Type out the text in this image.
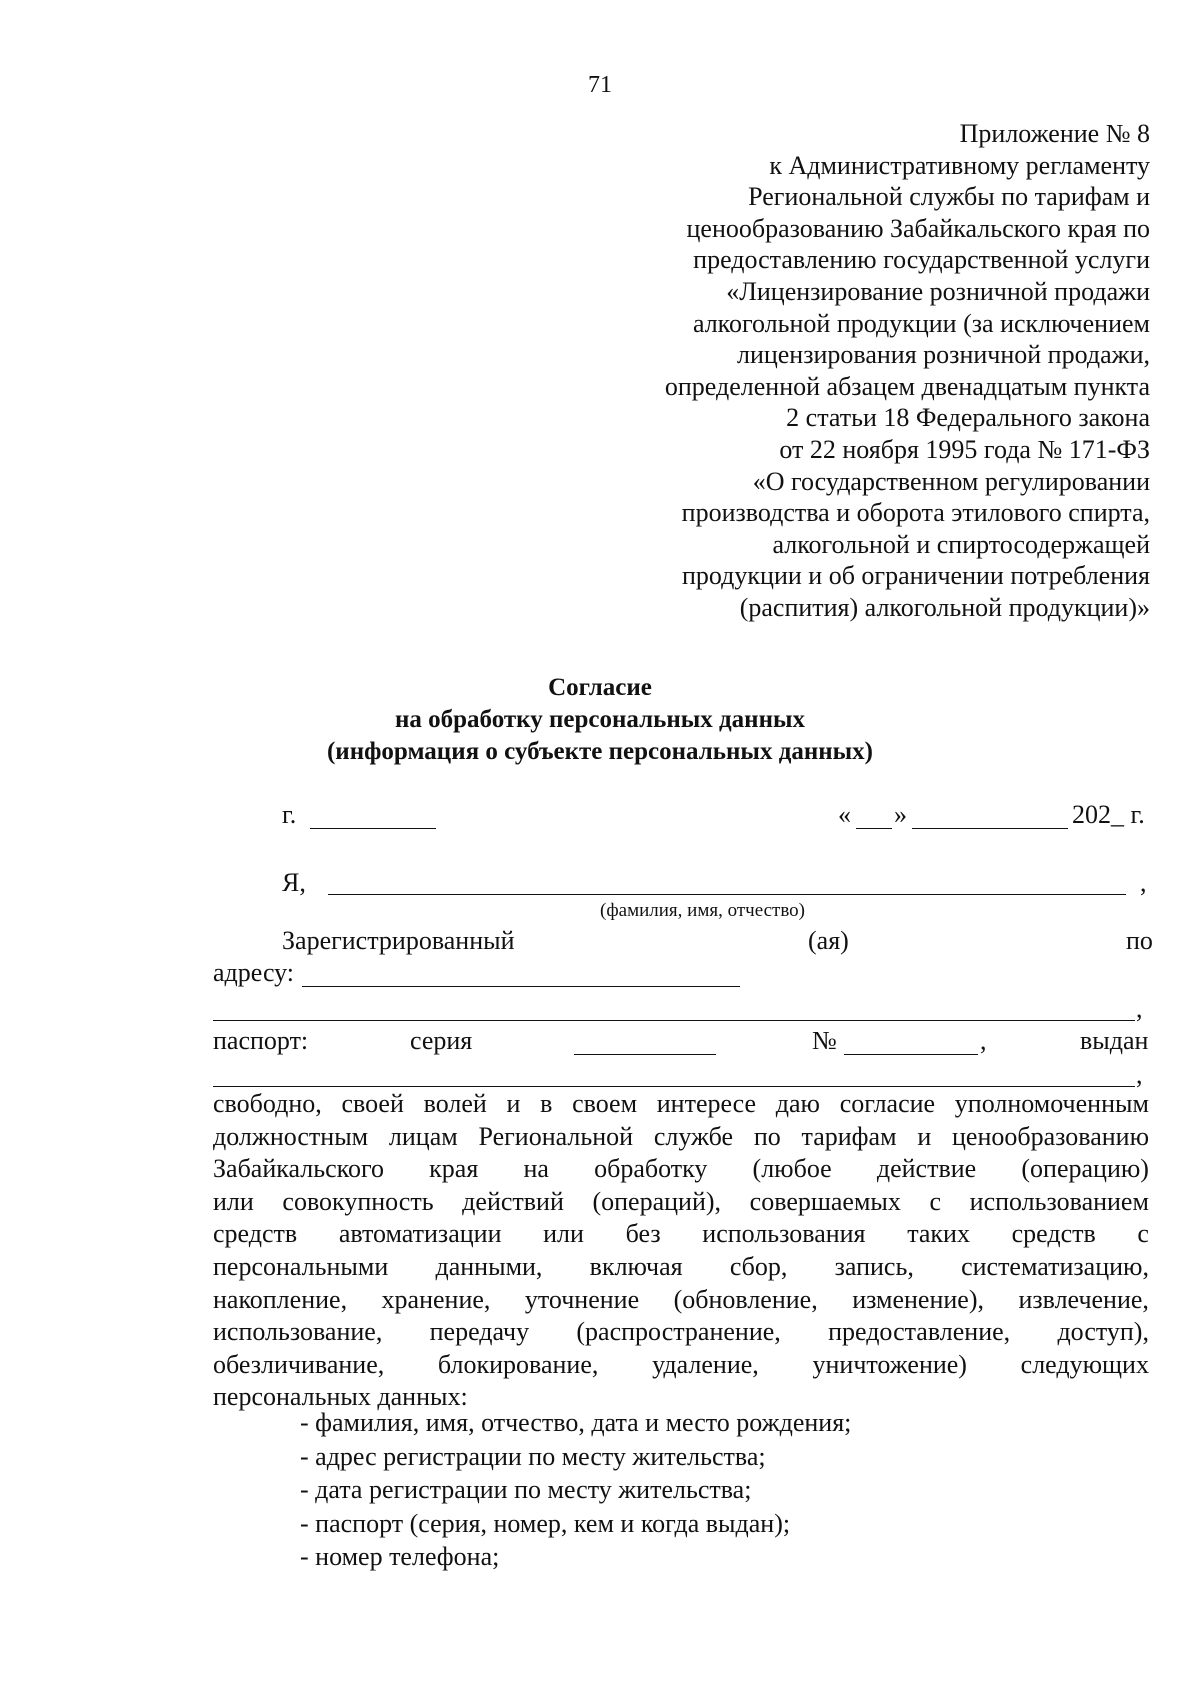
71
Приложение № 8
к Административному регламенту
Региональной службы по тарифам и
ценообразованию Забайкальского края по
предоставлению государственной услуги
«Лицензирование розничной продажи
алкогольной продукции (за исключением
лицензирования розничной продажи,
определенной абзацем двенадцатым пункта
2 статьи 18 Федерального закона
от 22 ноября 1995 года № 171-ФЗ
«О государственном регулировании
производства и оборота этилового спирта,
алкогольной и спиртосодержащей
продукции и об ограничении потребления
(распития) алкогольной продукции)»
Согласие
на обработку персональных данных
(информация о субъекте персональных данных)
г.	« »	202_ г.
Я,	,
(фамилия, имя, отчество)
Зарегистрированный	(ая)	по
адресу:
,
паспорт:	серия	№	,	выдан
,
свободно, своей волей и в своем интересе даю согласие уполномоченным
должностным лицам Региональной службе по тарифам и ценообразованию
Забайкальского края на обработку (любое действие (операцию)
или совокупность действий (операций), совершаемых с использованием
средств автоматизации или без использования таких средств с
персональными данными, включая сбор, запись, систематизацию,
накопление, хранение, уточнение (обновление, изменение), извлечение,
использование, передачу (распространение, предоставление, доступ),
обезличивание, блокирование, удаление, уничтожение) следующих
персональных данных:
- фамилия, имя, отчество, дата и место рождения;
- адрес регистрации по месту жительства;
- дата регистрации по месту жительства;
- паспорт (серия, номер, кем и когда выдан);
- номер телефона;
